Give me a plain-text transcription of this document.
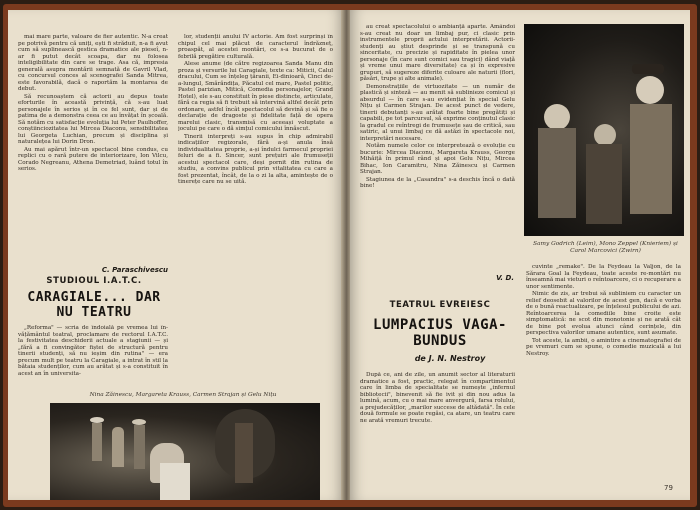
mai mare parte, valoare de fier autentic. N-a creat pe potrivă pentru că uniți, ești fi străduit, n-a fi avut cum să suplinească gestica dramatice ale pieseî, n-ar fi putut decât scoapa, dar nu folosea inteligibilitate din care se trage. Asa că, impresia generală asupra montării semnată de Gavril Vlad, cu concursul conces al scenografei Sanda Mitrea, este favorabilă, dacă o raportăm la montarea de debut.

Să recunoaștem că actorii au depus toate eforturile în această privință, că s-au luat personajele în serios și în ce fel sunt, dar și de patima de a demonstra ceea ce au învățat în școală. Să notăm cu satisfacție evoluția lui Peter Paulhoffer, conștiinciozitatea lui Mircea Diaconu, sensibilitatea lui Georgeta Luchian, precum și disciplina și naturalețea lui Dorin Dron.

Au mai apărut într-un spectacol bine condus, cu replici cu o rară putere de interiorizare, Ion Vilcu, Corado Negreanu, Athena Demetriad, luând totul în serios.

C. Paraschivescu
STUDIOUL I.A.T.C.
CARAGIALE... DAR
NU TEATRU

„Reforma" — scria de îndoială pe vremea lui în-vățământul teatral, proclamare de rectorul I.A.T.C. la festivitatea deschiderii actuale a stagiunii — și „fără a fi convingător fiștei de structură pentru tinerii studenți, să nu ieșim din rutina" — era precum mult pe teatru la Caragiale, a intrat în stil la bătaia studenților, cum au arătat și s-a constituit în acest an în universita-

lor, studenții anului IV actorie. Am fost surprinși în chipul cel mai plăcut de caracterul îndrăzneț, proaspăt, al acestei montări, ce s-a bucurat de o febrilă pregătire culturală.

Alese anume (de către regizoarea Sanda Manu din proza și versurile lui Caragiale, texte ca: Miticii, Calul dracului, Cum se înțeleg țăranii, Ei-dinioară, Cinci de-a-lungul, Smărăndița, Păcatul cel mare, Pastel politic, Pastel parizian, Mitică, Comedia personajelor, Grand Hotel), ele s-au constituit în piese distincte, articulate, fără ca regia să fi trebuit să intervină altfel decât prin ordonare, astfel încât spectacolul să devină și să fie o declarație de dragoste și fidelitate față de opera marelui clasic, transmisă cu aceeași voluptate a jocului pe care o dă simțul comicului înnăscut.

Tinerii interpreți s-au supus în chip admirabil indicațiilor regizorale, fără a-și anula însă individualitatea proprie, a-și îndulci farmecul propriei feluri de a fi. Sincer, sunt prețuiri ale frumuseții acestui spectacol care, deși pornit din rutina de studiu, a convins publicul prin vitalitatea cu care a fost prezentat, încât, de la o zi la alta, amintește de o tinerețe care nu se uită.

Nina Zăinescu, Margareta Krauss, Carmen Strajan și Gelu Nițu

au creat spectacolului o ambianță aparte. Amândoi s-au creat nu doar un limbaj pur, ci clasic prin instrumentele proprii actului interpretării. Actorii-studenți au știut desprinde și se transpună cu sinceritate, cu precizie și rapiditate în pielea unor personaje (în care sunt comici sau tragici) dând viață și vreme unui mare diversitate) ca și în expresive grupuri, să sugereze diferite culoare ale naturii (flori, păsări, trupe și alte animale).

Demonstrațiile de virtuozitate — un număr de plastică și sinteză — au menit să sublinieze comicul și absurdul — în care s-au evidențiat în special Gelu Nițu și Carmen Strajan. De acest punct de vedere, tinerii debutanți s-au arătat foarte bine pregătiți și capabili, pe tot parcursul, să exprime conținutul clasic la gradul ce reîntregi de frumusețe sau de critică, sau satiric, al unui limbaj ce dă astăzi în spectacole noi, interpretări necesare.

Notăm numele celor ce interpretează o evoluție cu bucurie: Mircea Diaconu, Margareta Krauss, George Mihăiță în primul rând și apoi Gelu Nițu, Mircea Bihac, Ion Caramitru, Nina Zăinescu și Carmen Strajan.

Stagiunea de la „Casandra" s-a deschis încă o dată bine!

V. D.
Samy Godrich (Leim), Mono Zeppel (Knieriem) și Carol Marcovici (Zwirn)
TEATRUL EVREIESC
LUMPACIUS VAGA-
BUNDUS
de J. N. Nestroy

După ce, ani de zile, un anumit sector al literaturii dramatice a fost, practic, relegat în compartimentul care în limba de specialitate se numește „infernul bibliotecii", binevenit să fie ivit și din nou adus la lumină, acum, cu o mai mare anvergură, farsa rolului, a prejudecăților, „marilor succese de altădată". În cele două formule se poate regăsi, ca atare, un teatru care ne arată vremuri trecute.

cuvinte „remake". De la Feydeau la Valjon, de la Sărara Goal la Feydeau, toate aceste re-montări nu înseamnă mai vieturi o reîntoarcere, ci o recuperare a unor sentimente.

Nimic de zis, ar trebui să subliniem cu caracter un relief deosebit al valorilor de acest gen, dacă e vorba de o bună reactualizare, pe înțelesul publicului de azi. Reîntoarcerea la comediile bine croite este simptomatică: ne scot din monotonie și ne arată cât de bine pot evolua atunci când cerințele, din perspectiva valorilor umane autentice, sunt asumate.

Tot aceste, la ambii, o amintire a cinematografiei de pe vremuri cum se spune, o comedie muzicală a lui Nestroy.

79
